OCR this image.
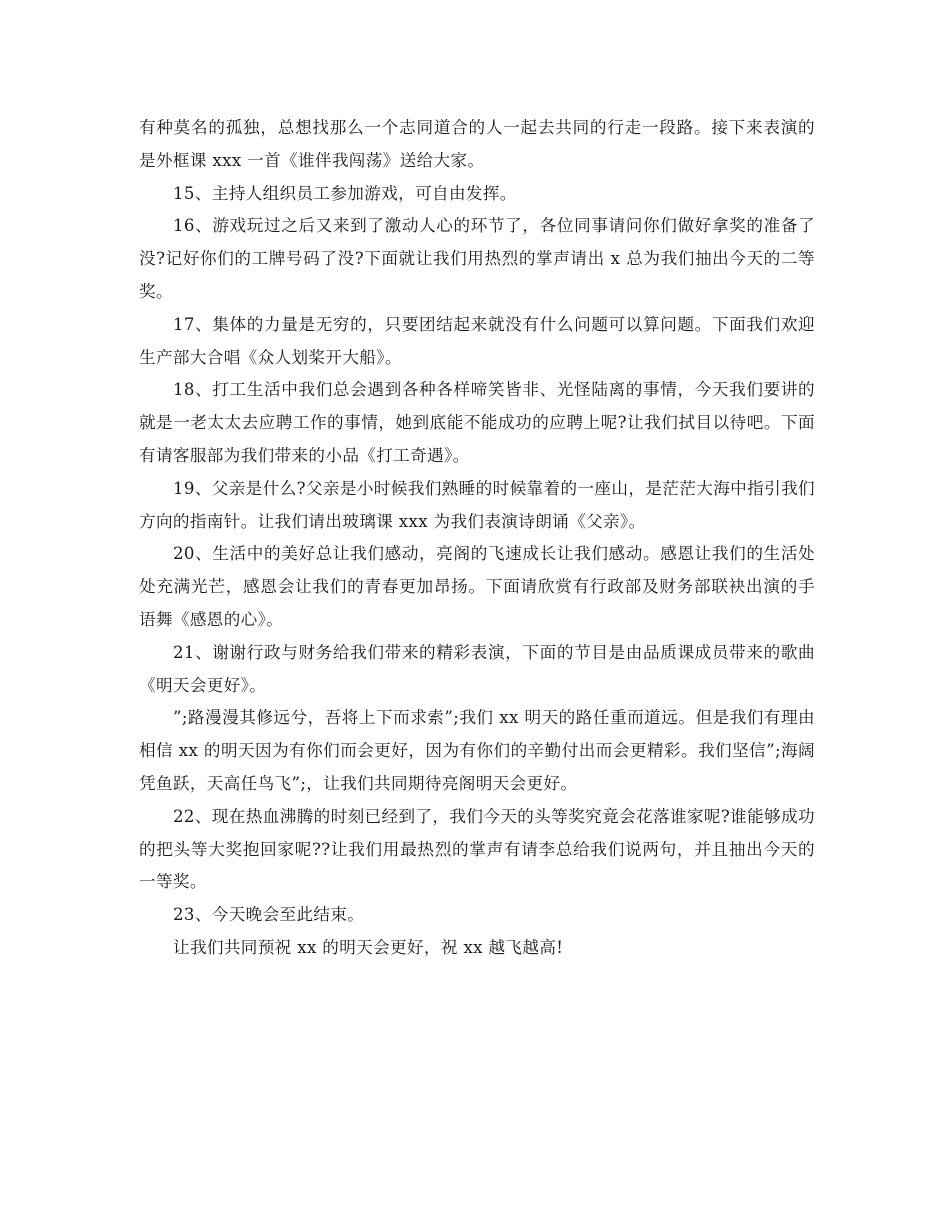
有种莫名的孤独，总想找那么一个志同道合的人一起去共同的行走一段路。接下来表演的是外框课 xxx 一首《谁伴我闯荡》送给大家。

15、主持人组织员工参加游戏，可自由发挥。

16、游戏玩过之后又来到了激动人心的环节了，各位同事请问你们做好拿奖的准备了没?记好你们的工牌号码了没?下面就让我们用热烈的掌声请出 x 总为我们抽出今天的二等奖。

17、集体的力量是无穷的，只要团结起来就没有什么问题可以算问题。下面我们欢迎生产部大合唱《众人划桨开大船》。

18、打工生活中我们总会遇到各种各样啼笑皆非、光怪陆离的事情，今天我们要讲的就是一老太太去应聘工作的事情，她到底能不能成功的应聘上呢?让我们拭目以待吧。下面有请客服部为我们带来的小品《打工奇遇》。

19、父亲是什么?父亲是小时候我们熟睡的时候靠着的一座山，是茫茫大海中指引我们方向的指南针。让我们请出玻璃课 xxx 为我们表演诗朗诵《父亲》。

20、生活中的美好总让我们感动，亮阁的飞速成长让我们感动。感恩让我们的生活处处充满光芒，感恩会让我们的青春更加昂扬。下面请欣赏有行政部及财务部联袂出演的手语舞《感恩的心》。

21、谢谢行政与财务给我们带来的精彩表演，下面的节目是由品质课成员带来的歌曲《明天会更好》。

”;路漫漫其修远兮，吾将上下而求索”;我们 xx 明天的路任重而道远。但是我们有理由相信 xx 的明天因为有你们而会更好，因为有你们的辛勤付出而会更精彩。我们坚信”;海阔凭鱼跃，天高任鸟飞”;，让我们共同期待亮阁明天会更好。

22、现在热血沸腾的时刻已经到了，我们今天的头等奖究竟会花落谁家呢?谁能够成功的把头等大奖抱回家呢??让我们用最热烈的掌声有请李总给我们说两句，并且抽出今天的一等奖。

23、今天晚会至此结束。

让我们共同预祝 xx 的明天会更好，祝 xx 越飞越高!
